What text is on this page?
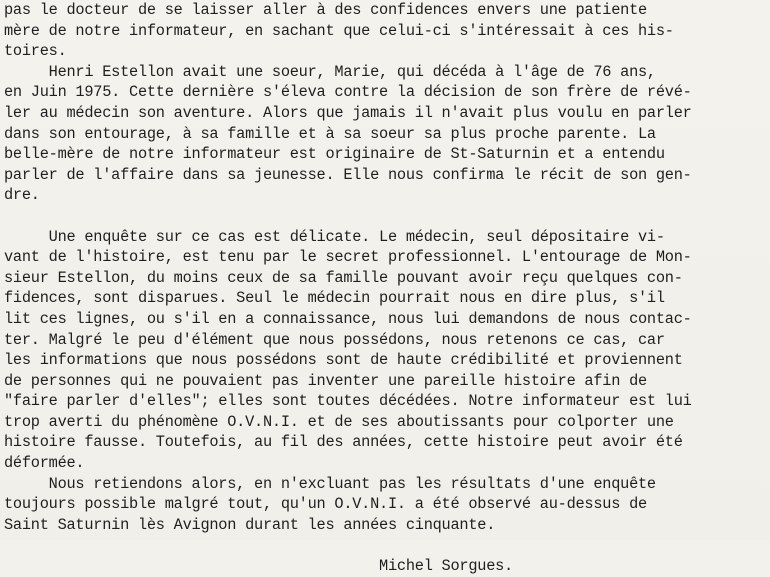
pas le docteur de se laisser aller à des confidences envers une patiente
mère de notre informateur, en sachant que celui-ci s'intéressait à ces his-
toires.
Henri Estellon avait une soeur, Marie, qui décéda à l'âge de 76 ans,
en Juin 1975. Cette dernière s'éleva contre la décision de son frère de révé-
ler au médecin son aventure. Alors que jamais il n'avait plus voulu en parler
dans son entourage, à sa famille et à sa soeur sa plus proche parente. La
belle-mère de notre informateur est originaire de St-Saturnin et a entendu
parler de l'affaire dans sa jeunesse. Elle nous confirma le récit de son gen-
dre.
Une enquête sur ce cas est délicate. Le médecin, seul dépositaire vi-
vant de l'histoire, est tenu par le secret professionnel. L'entourage de Mon-
sieur Estellon, du moins ceux de sa famille pouvant avoir reçu quelques con-
fidences, sont disparues. Seul le médecin pourrait nous en dire plus, s'il
lit ces lignes, ou s'il en a connaissance, nous lui demandons de nous contac-
ter. Malgré le peu d'élément que nous possédons, nous retenons ce cas, car
les informations que nous possédons sont de haute crédibilité et proviennent
de personnes qui ne pouvaient pas inventer une pareille histoire afin de
"faire parler d'elles"; elles sont toutes décédées. Notre informateur est lui
trop averti du phénomène O.V.N.I. et de ses aboutissants pour colporter une
histoire fausse. Toutefois, au fil des années, cette histoire peut avoir été
déformée.
Nous retiendons alors, en n'excluant pas les résultats d'une enquête
toujours possible malgré tout, qu'un O.V.N.I. a été observé au-dessus de
Saint Saturnin lès Avignon durant les années cinquante.
Michel Sorgues.
